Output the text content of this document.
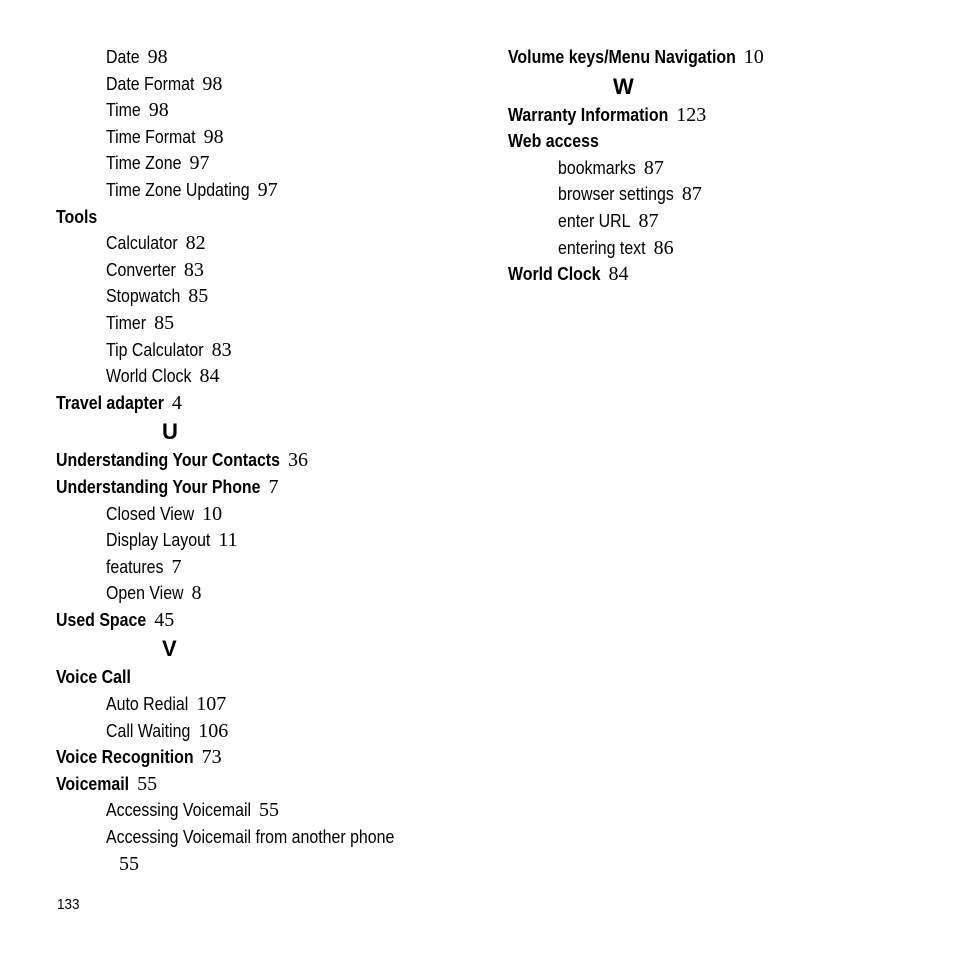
Date 98
Date Format 98
Time 98
Time Format 98
Time Zone 97
Time Zone Updating 97
Tools
Calculator 82
Converter 83
Stopwatch 85
Timer 85
Tip Calculator 83
World Clock 84
Travel adapter 4
U
Understanding Your Contacts 36
Understanding Your Phone 7
Closed View 10
Display Layout 11
features 7
Open View 8
Used Space 45
V
Voice Call
Auto Redial 107
Call Waiting 106
Voice Recognition 73
Voicemail 55
Accessing Voicemail 55
Accessing Voicemail from another phone
55
Volume keys/Menu Navigation 10
W
Warranty Information 123
Web access
bookmarks 87
browser settings 87
enter URL 87
entering text 86
World Clock 84
133
